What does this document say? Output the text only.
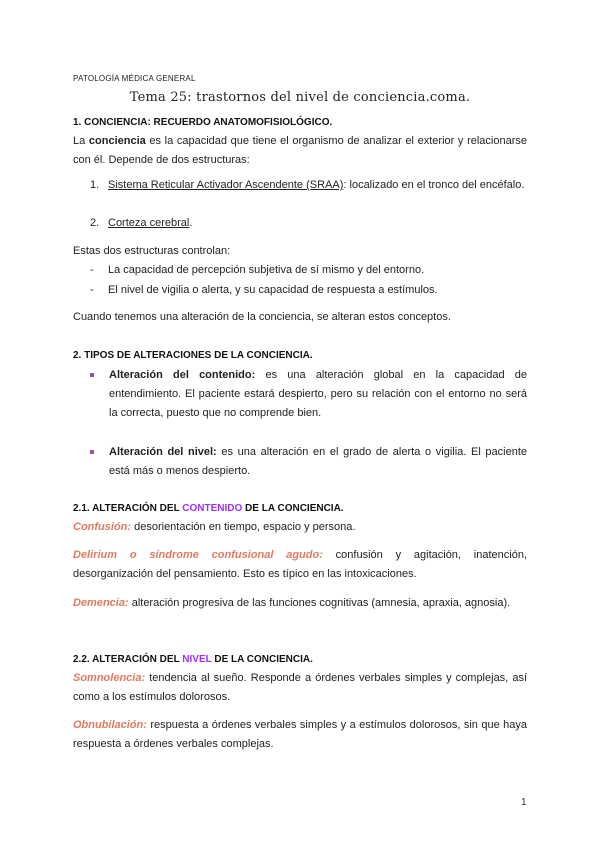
PATOLOGÍA MÉDICA GENERAL
Tema 25: trastornos del nivel de conciencia.coma.
1. CONCIENCIA: RECUERDO ANATOMOFISIOLÓGICO.
La conciencia es la capacidad que tiene el organismo de analizar el exterior y relacionarse con él. Depende de dos estructuras:
1. Sistema Reticular Activador Ascendente (SRAA): localizado en el tronco del encéfalo.
2. Corteza cerebral.
Estas dos estructuras controlan:
- La capacidad de percepción subjetiva de sí mismo y del entorno.
- El nivel de vigilia o alerta, y su capacidad de respuesta a estímulos.
Cuando tenemos una alteración de la conciencia, se alteran estos conceptos.
2. TIPOS DE ALTERACIONES DE LA CONCIENCIA.
Alteración del contenido: es una alteración global en la capacidad de entendimiento. El paciente estará despierto, pero su relación con el entorno no será la correcta, puesto que no comprende bien.
Alteración del nivel: es una alteración en el grado de alerta o vigilia. El paciente está más o menos despierto.
2.1. ALTERACIÓN DEL CONTENIDO DE LA CONCIENCIA.
Confusión: desorientación en tiempo, espacio y persona.
Delirium o síndrome confusional agudo: confusión y agitación, inatención, desorganización del pensamiento. Esto es típico en las intoxicaciones.
Demencia: alteración progresiva de las funciones cognitivas (amnesia, apraxia, agnosia).
2.2. ALTERACIÓN DEL NIVEL DE LA CONCIENCIA.
Somnolencia: tendencia al sueño. Responde a órdenes verbales simples y complejas, así como a los estímulos dolorosos.
Obnubilación: respuesta a órdenes verbales simples y a estímulos dolorosos, sin que haya respuesta a órdenes verbales complejas.
1
